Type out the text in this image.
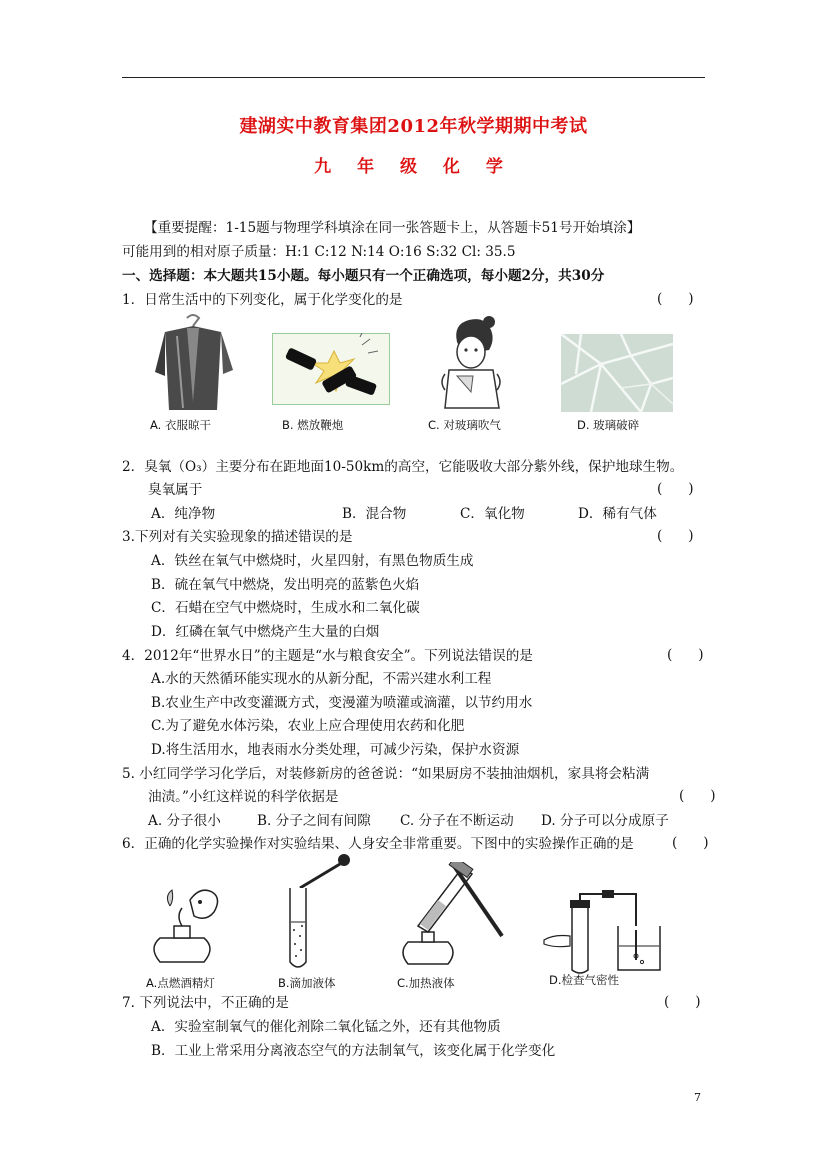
建湖实中教育集团2012年秋学期期中考试
九 年 级 化 学
【重要提醒：1-15题与物理学科填涂在同一张答题卡上，从答题卡51号开始填涂】
可能用到的相对原子质量：H:1 C:12 N:14 O:16 S:32 Cl: 35.5
一、选择题：本大题共15小题。每小题只有一个正确选项，每小题2分，共30分
1．日常生活中的下列变化，属于化学变化的是	(      )
A. 衣服晾干	B. 燃放鞭炮	C. 对玻璃吹气	D. 玻璃破碎
2．臭氧（O₃）主要分布在距地面10-50km的高空，它能吸收大部分紫外线，保护地球生物。
臭氧属于	(      )
A．纯净物	B．混合物	C．氧化物	D．稀有气体
3.下列对有关实验现象的描述错误的是	(      )
A．铁丝在氧气中燃烧时，火星四射，有黑色物质生成
B．硫在氧气中燃烧，发出明亮的蓝紫色火焰
C．石蜡在空气中燃烧时，生成水和二氧化碳
D．红磷在氧气中燃烧产生大量的白烟
4．2012年“世界水日”的主题是“水与粮食安全”。下列说法错误的是	(      )
A.水的天然循环能实现水的从新分配，不需兴建水利工程
B.农业生产中改变灌溉方式，变漫灌为喷灌或滴灌，以节约用水
C.为了避免水体污染，农业上应合理使用农药和化肥
D.将生活用水，地表雨水分类处理，可减少污染，保护水资源
5. 小红同学学习化学后，对装修新房的爸爸说：“如果厨房不装抽油烟机，家具将会粘满
油渍。”小红这样说的科学依据是	(      )
A. 分子很小	B. 分子之间有间隙 C. 分子在不断运动 D. 分子可以分成原子
6．正确的化学实验操作对实验结果、人身安全非常重要。下图中的实验操作正确的是	(      )
A.点燃酒精灯	B.滴加液体	C.加热液体	D.检查气密性
7. 下列说法中，不正确的是	(      )
A．实验室制氧气的催化剂除二氧化锰之外，还有其他物质
B．工业上常采用分离液态空气的方法制氧气，该变化属于化学变化
7
